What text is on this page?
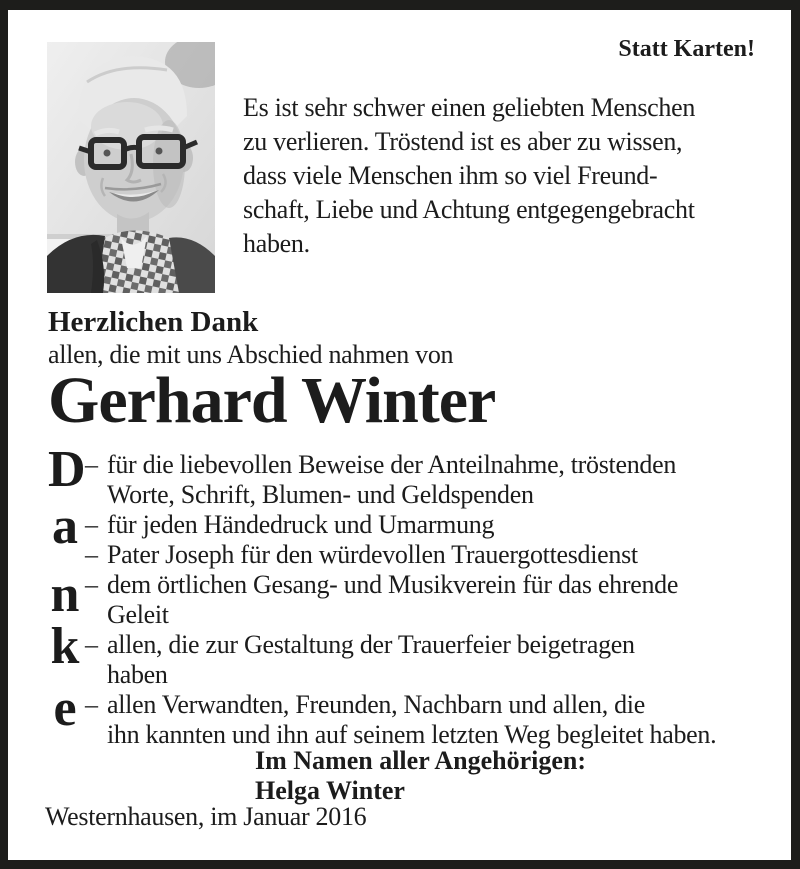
Statt Karten!
Es ist sehr schwer einen geliebten Menschen
zu verlieren. Tröstend ist es aber zu wissen,
dass viele Menschen ihm so viel Freund-
schaft, Liebe und Achtung entgegengebracht
haben.
Herzlichen Dank
allen, die mit uns Abschied nahmen von
Gerhard Winter
D
a
n
k
e
– für die liebevollen Beweise der Anteilnahme, tröstenden
Worte, Schrift, Blumen- und Geldspenden
– für jeden Händedruck und Umarmung
– Pater Joseph für den würdevollen Trauergottesdienst
– dem örtlichen Gesang- und Musikverein für das ehrende
Geleit
– allen, die zur Gestaltung der Trauerfeier beigetragen
haben
– allen Verwandten, Freunden, Nachbarn und allen, die
ihn kannten und ihn auf seinem letzten Weg begleitet haben.
Im Namen aller Angehörigen:
Helga Winter
Westernhausen, im Januar 2016
